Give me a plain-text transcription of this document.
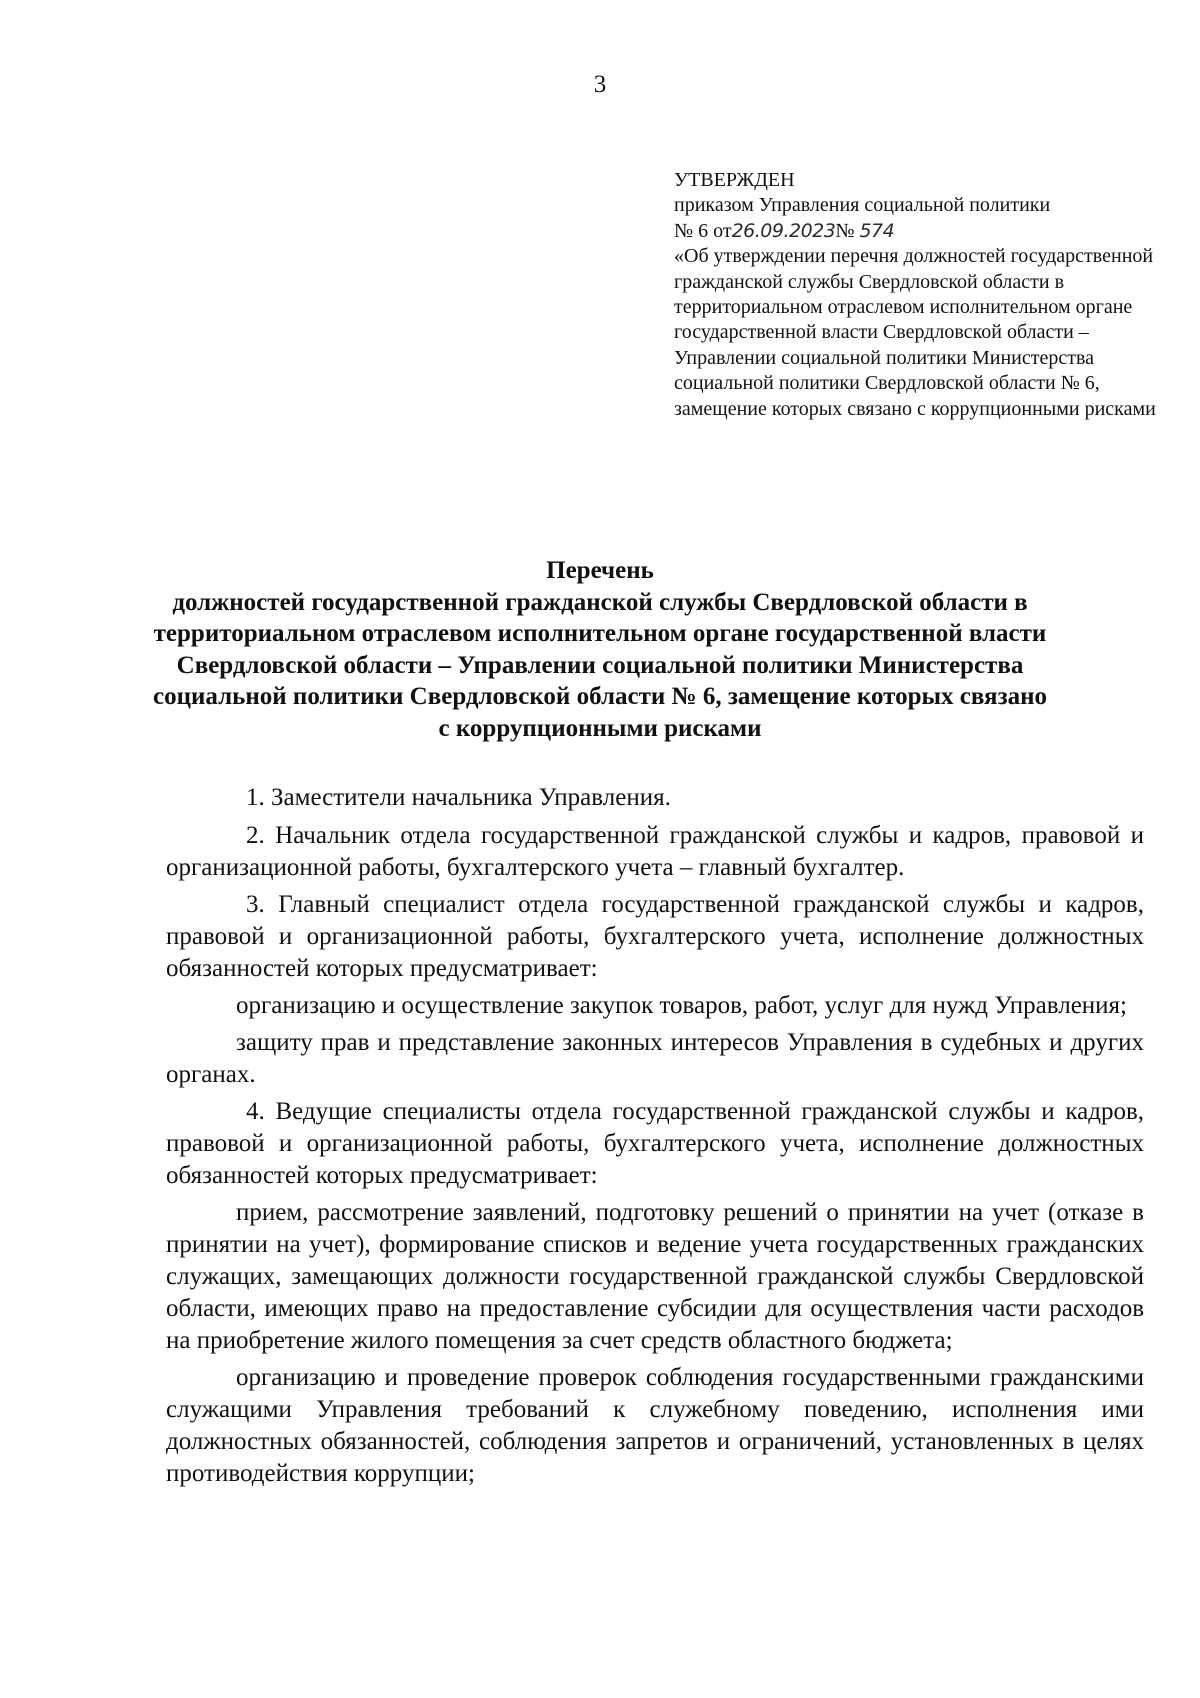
3
УТВЕРЖДЕН
приказом Управления социальной политики
№ 6 от26.09.2023№ 574
«Об утверждении перечня должностей государственной гражданской службы Свердловской области в территориальном отраслевом исполнительном органе государственной власти Свердловской области – Управлении социальной политики Министерства социальной политики Свердловской области № 6, замещение которых связано с коррупционными рисками
Перечень
должностей государственной гражданской службы Свердловской области в территориальном отраслевом исполнительном органе государственной власти Свердловской области – Управлении социальной политики Министерства социальной политики Свердловской области № 6, замещение которых связано с коррупционными рисками

1. Заместители начальника Управления.

2. Начальник отдела государственной гражданской службы и кадров, правовой и организационной работы, бухгалтерского учета – главный бухгалтер.

3. Главный специалист отдела государственной гражданской службы и кадров, правовой и организационной работы, бухгалтерского учета, исполнение должностных обязанностей которых предусматривает:

организацию и осуществление закупок товаров, работ, услуг для нужд Управления;

защиту прав и представление законных интересов Управления в судебных и других органах.

4. Ведущие специалисты отдела государственной гражданской службы и кадров, правовой и организационной работы, бухгалтерского учета, исполнение должностных обязанностей которых предусматривает:

прием, рассмотрение заявлений, подготовку решений о принятии на учет (отказе в принятии на учет), формирование списков и ведение учета государственных гражданских служащих, замещающих должности государственной гражданской службы Свердловской области, имеющих право на предоставление субсидии для осуществления части расходов на приобретение жилого помещения за счет средств областного бюджета;

организацию и проведение проверок соблюдения государственными гражданскими служащими Управления требований к служебному поведению, исполнения ими должностных обязанностей, соблюдения запретов и ограничений, установленных в целях противодействия коррупции;
